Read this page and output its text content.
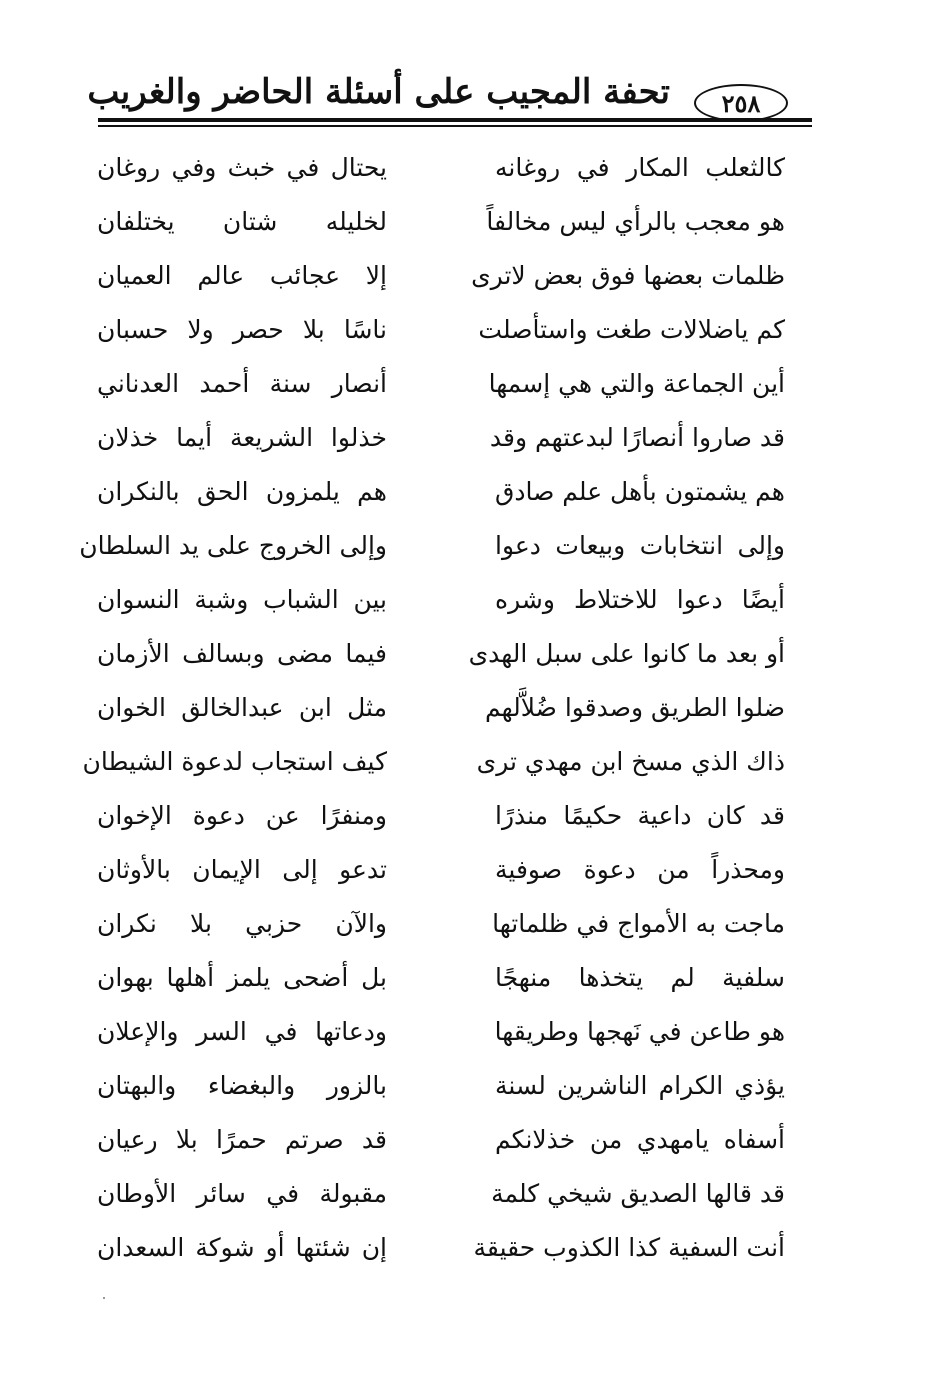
تحفة المجيب على أسئلة الحاضر والغريب	٢٥٨
كالثعلب المكار في روغانه
يحتال في خبث وفي روغان
هو معجب بالرأي ليس مخالفاً
لخليله شتان يختلفان
ظلمات بعضها فوق بعض لاترى
إلا عجائب عالم العميان
كم ياضلالات طغت واستأصلت
ناسًا بلا حصر ولا حسبان
أين الجماعة والتي هي إسمها
أنصار سنة أحمد العدناني
قد صاروا أنصارًا لبدعتهم وقد
خذلوا الشريعة أيما خذلان
هم يشمتون بأهل علم صادق
هم يلمزون الحق بالنكران
وإلى انتخابات وبيعات دعوا
وإلى الخروج على يد السلطان
أيضًا دعوا للاختلاط وشره
بين الشباب وشبة النسوان
أو بعد ما كانوا على سبل الهدى
فيما مضى وبسالف الأزمان
ضلوا الطريق وصدقوا ضُلاَّلهم
مثل ابن عبدالخالق الخوان
ذاك الذي مسخ ابن مهدي ترى
كيف استجاب لدعوة الشيطان
قد كان داعية حكيمًا منذرًا
ومنفرًا عن دعوة الإخوان
ومحذراً من دعوة صوفية
تدعو إلى الإيمان بالأوثان
ماجت به الأمواج في ظلماتها
والآن حزبي بلا نكران
سلفية لم يتخذها منهجًا
بل أضحى يلمز أهلها بهوان
هو طاعن في نَهجها وطريقها
ودعاتها في السر والإعلان
يؤذي الكرام الناشرين لسنة
بالزور والبغضاء والبهتان
أسفاه يامهدي من خذلانكم
قد صرتم حمرًا بلا رعيان
قد قالها الصديق شيخي كلمة
مقبولة في سائر الأوطان
أنت السفية كذا الكذوب حقيقة
إن شئتها أو شوكة السعدان
